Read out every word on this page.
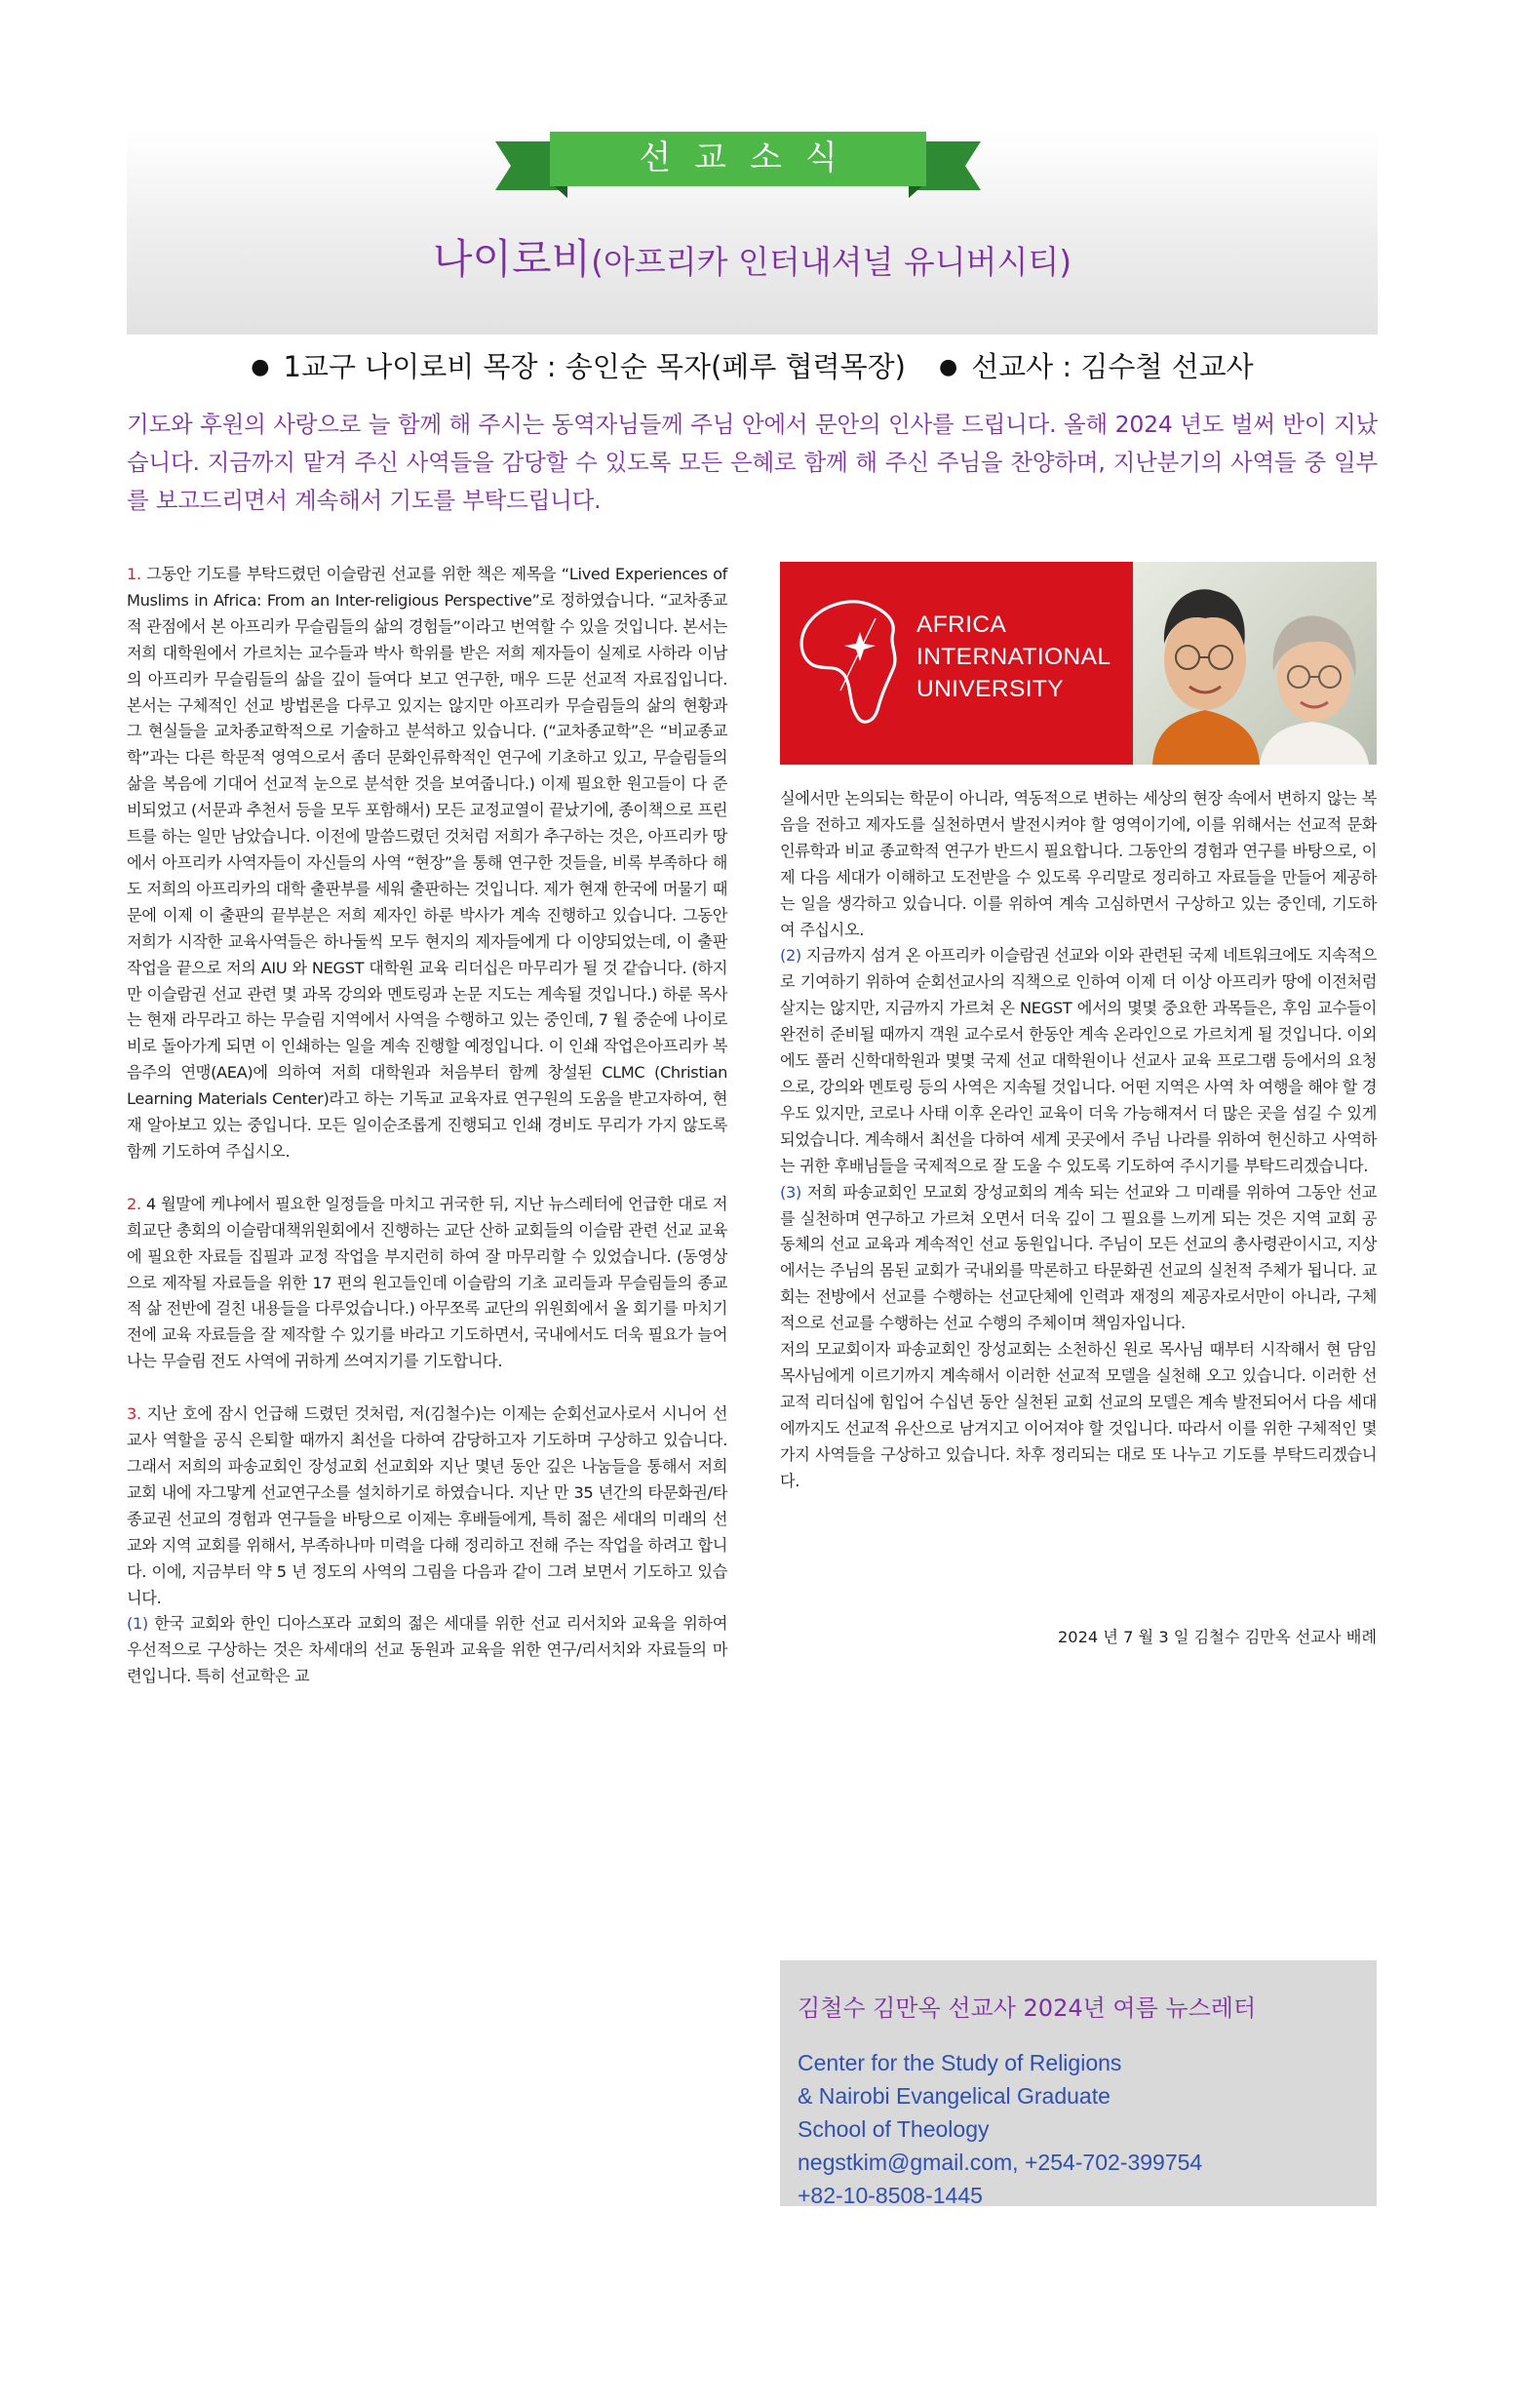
선교소식
나이로비(아프리카 인터내셔널 유니버시티)
● 1교구 나이로비 목장 : 송인순 목자(페루 협력목장) ● 선교사 : 김수철 선교사
기도와 후원의 사랑으로 늘 함께 해 주시는 동역자님들께 주님 안에서 문안의 인사를 드립니다. 올해 2024 년도 벌써 반이 지났습니다. 지금까지 맡겨 주신 사역들을 감당할 수 있도록 모든 은혜로 함께 해 주신 주님을 찬양하며, 지난분기의 사역들 중 일부를 보고드리면서 계속해서 기도를 부탁드립니다.

1. 그동안 기도를 부탁드렸던 이슬람권 선교를 위한 책은 제목을 “Lived Experiences of Muslims in Africa: From an Inter-religious Perspective”로 정하였습니다. “교차종교적 관점에서 본 아프리카 무슬림들의 삶의 경험들”이라고 번역할 수 있을 것입니다. 본서는 저희 대학원에서 가르치는 교수들과 박사 학위를 받은 저희 제자들이 실제로 사하라 이남의 아프리카 무슬림들의 삶을 깊이 들여다 보고 연구한, 매우 드문 선교적 자료집입니다. 본서는 구체적인 선교 방법론을 다루고 있지는 않지만 아프리카 무슬림들의 삶의 현황과 그 현실들을 교차종교학적으로 기술하고 분석하고 있습니다. (“교차종교학”은 “비교종교학”과는 다른 학문적 영역으로서 좀더 문화인류학적인 연구에 기초하고 있고, 무슬림들의 삶을 복음에 기대어 선교적 눈으로 분석한 것을 보여줍니다.) 이제 필요한 원고들이 다 준비되었고 (서문과 추천서 등을 모두 포함해서) 모든 교정교열이 끝났기에, 종이책으로 프린트를 하는 일만 남았습니다. 이전에 말씀드렸던 것처럼 저희가 추구하는 것은, 아프리카 땅에서 아프리카 사역자들이 자신들의 사역 “현장”을 통해 연구한 것들을, 비록 부족하다 해도 저희의 아프리카의 대학 출판부를 세워 출판하는 것입니다. 제가 현재 한국에 머물기 때문에 이제 이 출판의 끝부분은 저희 제자인 하룬 박사가 계속 진행하고 있습니다. 그동안 저희가 시작한 교육사역들은 하나둘씩 모두 현지의 제자들에게 다 이양되었는데, 이 출판작업을 끝으로 저의 AIU 와 NEGST 대학원 교육 리더십은 마무리가 될 것 같습니다. (하지만 이슬람권 선교 관련 몇 과목 강의와 멘토링과 논문 지도는 계속될 것입니다.) 하룬 목사는 현재 라무라고 하는 무슬림 지역에서 사역을 수행하고 있는 중인데, 7 월 중순에 나이로비로 돌아가게 되면 이 인쇄하는 일을 계속 진행할 예정입니다. 이 인쇄 작업은아프리카 복음주의 연맹(AEA)에 의하여 저희 대학원과 처음부터 함께 창설된 CLMC (Christian Learning Materials Center)라고 하는 기독교 교육자료 연구원의 도움을 받고자하여, 현재 알아보고 있는 중입니다. 모든 일이순조롭게 진행되고 인쇄 경비도 무리가 가지 않도록 함께 기도하여 주십시오.

2. 4 월말에 케냐에서 필요한 일정들을 마치고 귀국한 뒤, 지난 뉴스레터에 언급한 대로 저희교단 총회의 이슬람대책위원회에서 진행하는 교단 산하 교회들의 이슬람 관련 선교 교육에 필요한 자료들 집필과 교정 작업을 부지런히 하여 잘 마무리할 수 있었습니다. (동영상으로 제작될 자료들을 위한 17 편의 원고들인데 이슬람의 기초 교리들과 무슬림들의 종교적 삶 전반에 걸친 내용들을 다루었습니다.) 아무쪼록 교단의 위원회에서 올 회기를 마치기 전에 교육 자료들을 잘 제작할 수 있기를 바라고 기도하면서, 국내에서도 더욱 필요가 늘어나는 무슬림 전도 사역에 귀하게 쓰여지기를 기도합니다.

3. 지난 호에 잠시 언급해 드렸던 것처럼, 저(김철수)는 이제는 순회선교사로서 시니어 선교사 역할을 공식 은퇴할 때까지 최선을 다하여 감당하고자 기도하며 구상하고 있습니다. 그래서 저희의 파송교회인 장성교회 선교회와 지난 몇년 동안 깊은 나눔들을 통해서 저희 교회 내에 자그맣게 선교연구소를 설치하기로 하였습니다. 지난 만 35 년간의 타문화권/타종교권 선교의 경험과 연구들을 바탕으로 이제는 후배들에게, 특히 젊은 세대의 미래의 선교와 지역 교회를 위해서, 부족하나마 미력을 다해 정리하고 전해 주는 작업을 하려고 합니다. 이에, 지금부터 약 5 년 정도의 사역의 그림을 다음과 같이 그려 보면서 기도하고 있습니다.

(1) 한국 교회와 한인 디아스포라 교회의 젊은 세대를 위한 선교 리서치와 교육을 위하여 우선적으로 구상하는 것은 차세대의 선교 동원과 교육을 위한 연구/리서치와 자료들의 마련입니다. 특히 선교학은 교

AFRICA
INTERNATIONAL
UNIVERSITY

실에서만 논의되는 학문이 아니라, 역동적으로 변하는 세상의 현장 속에서 변하지 않는 복음을 전하고 제자도를 실천하면서 발전시켜야 할 영역이기에, 이를 위해서는 선교적 문화인류학과 비교 종교학적 연구가 반드시 필요합니다. 그동안의 경험과 연구를 바탕으로, 이제 다음 세대가 이해하고 도전받을 수 있도록 우리말로 정리하고 자료들을 만들어 제공하는 일을 생각하고 있습니다. 이를 위하여 계속 고심하면서 구상하고 있는 중인데, 기도하여 주십시오.

(2) 지금까지 섬겨 온 아프리카 이슬람권 선교와 이와 관련된 국제 네트워크에도 지속적으로 기여하기 위하여 순회선교사의 직책으로 인하여 이제 더 이상 아프리카 땅에 이전처럼 살지는 않지만, 지금까지 가르쳐 온 NEGST 에서의 몇몇 중요한 과목들은, 후임 교수들이 완전히 준비될 때까지 객원 교수로서 한동안 계속 온라인으로 가르치게 될 것입니다. 이외에도 풀러 신학대학원과 몇몇 국제 선교 대학원이나 선교사 교육 프로그램 등에서의 요청으로, 강의와 멘토링 등의 사역은 지속될 것입니다. 어떤 지역은 사역 차 여행을 해야 할 경우도 있지만, 코로나 사태 이후 온라인 교육이 더욱 가능해져서 더 많은 곳을 섬길 수 있게 되었습니다. 계속해서 최선을 다하여 세계 곳곳에서 주님 나라를 위하여 헌신하고 사역하는 귀한 후배님들을 국제적으로 잘 도울 수 있도록 기도하여 주시기를 부탁드리겠습니다.

(3) 저희 파송교회인 모교회 장성교회의 계속 되는 선교와 그 미래를 위하여 그동안 선교를 실천하며 연구하고 가르쳐 오면서 더욱 깊이 그 필요를 느끼게 되는 것은 지역 교회 공동체의 선교 교육과 계속적인 선교 동원입니다. 주님이 모든 선교의 총사령관이시고, 지상에서는 주님의 몸된 교회가 국내외를 막론하고 타문화권 선교의 실천적 주체가 됩니다. 교회는 전방에서 선교를 수행하는 선교단체에 인력과 재정의 제공자로서만이 아니라, 구체적으로 선교를 수행하는 선교 수행의 주체이며 책임자입니다.

저의 모교회이자 파송교회인 장성교회는 소천하신 원로 목사님 때부터 시작해서 현 담임 목사님에게 이르기까지 계속해서 이러한 선교적 모델을 실천해 오고 있습니다. 이러한 선교적 리더십에 힘입어 수십년 동안 실천된 교회 선교의 모델은 계속 발전되어서 다음 세대에까지도 선교적 유산으로 남겨지고 이어져야 할 것입니다. 따라서 이를 위한 구체적인 몇가지 사역들을 구상하고 있습니다. 차후 정리되는 대로 또 나누고 기도를 부탁드리겠습니다.

2024 년 7 월 3 일 김철수 김만옥 선교사 배례
김철수 김만옥 선교사 2024년 여름 뉴스레터
Center for the Study of Religions
& Nairobi Evangelical Graduate
School of Theology
negstkim@gmail.com, +254-702-399754
+82-10-8508-1445
